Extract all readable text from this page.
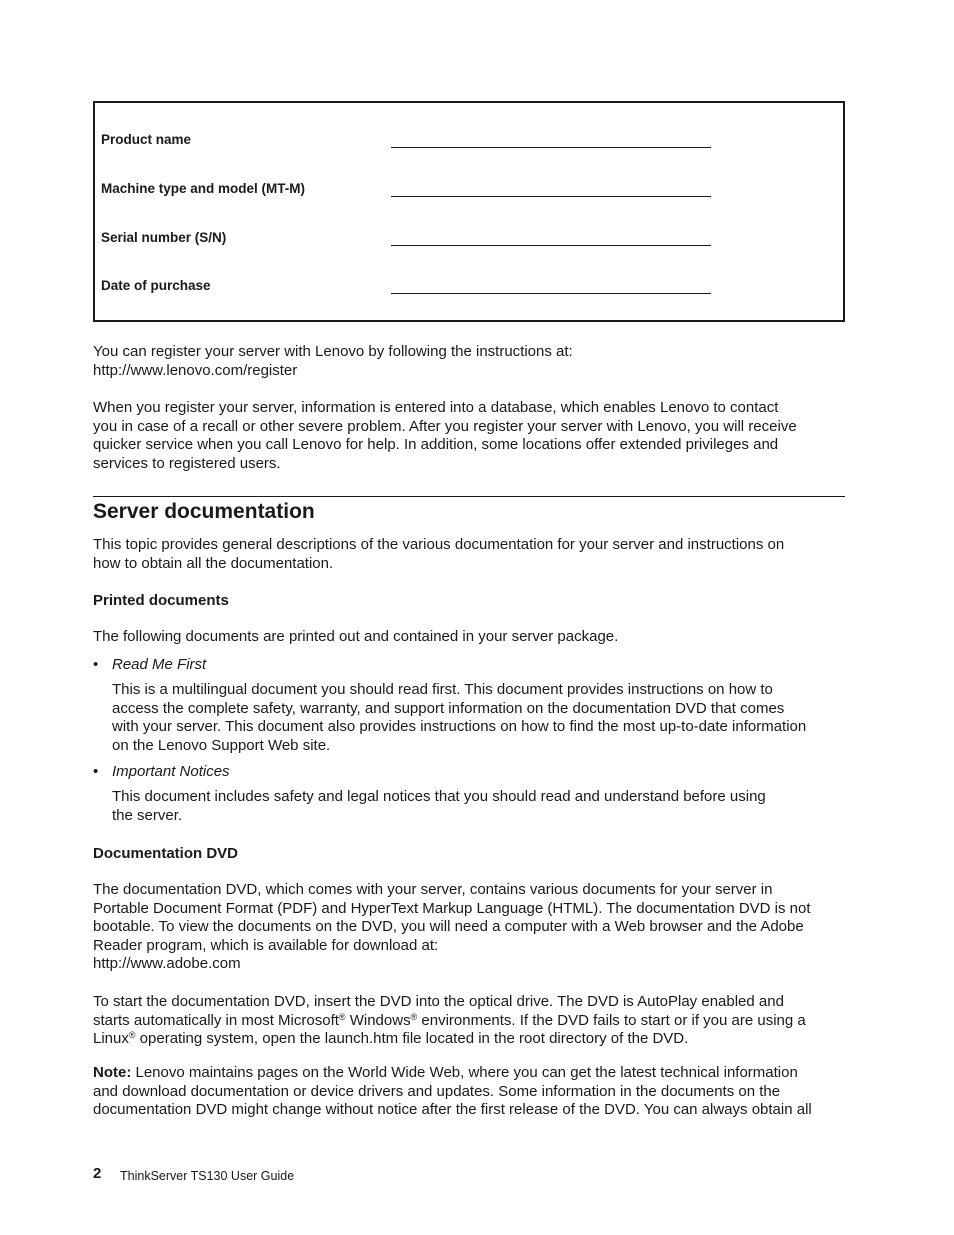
Product name
Machine type and model (MT-M)
Serial number (S/N)
Date of purchase
You can register your server with Lenovo by following the instructions at:
http://www.lenovo.com/register
When you register your server, information is entered into a database, which enables Lenovo to contact
you in case of a recall or other severe problem. After you register your server with Lenovo, you will receive
quicker service when you call Lenovo for help. In addition, some locations offer extended privileges and
services to registered users.
Server documentation
This topic provides general descriptions of the various documentation for your server and instructions on
how to obtain all the documentation.
Printed documents
The following documents are printed out and contained in your server package.
• Read Me First
This is a multilingual document you should read first. This document provides instructions on how to
access the complete safety, warranty, and support information on the documentation DVD that comes
with your server. This document also provides instructions on how to find the most up-to-date information
on the Lenovo Support Web site.
• Important Notices
This document includes safety and legal notices that you should read and understand before using
the server.
Documentation DVD
The documentation DVD, which comes with your server, contains various documents for your server in
Portable Document Format (PDF) and HyperText Markup Language (HTML). The documentation DVD is not
bootable. To view the documents on the DVD, you will need a computer with a Web browser and the Adobe
Reader program, which is available for download at:
http://www.adobe.com
To start the documentation DVD, insert the DVD into the optical drive. The DVD is AutoPlay enabled and
starts automatically in most Microsoft® Windows® environments. If the DVD fails to start or if you are using a
Linux® operating system, open the launch.htm file located in the root directory of the DVD.
Note: Lenovo maintains pages on the World Wide Web, where you can get the latest technical information
and download documentation or device drivers and updates. Some information in the documents on the
documentation DVD might change without notice after the first release of the DVD. You can always obtain all
2 ThinkServer TS130 User Guide
